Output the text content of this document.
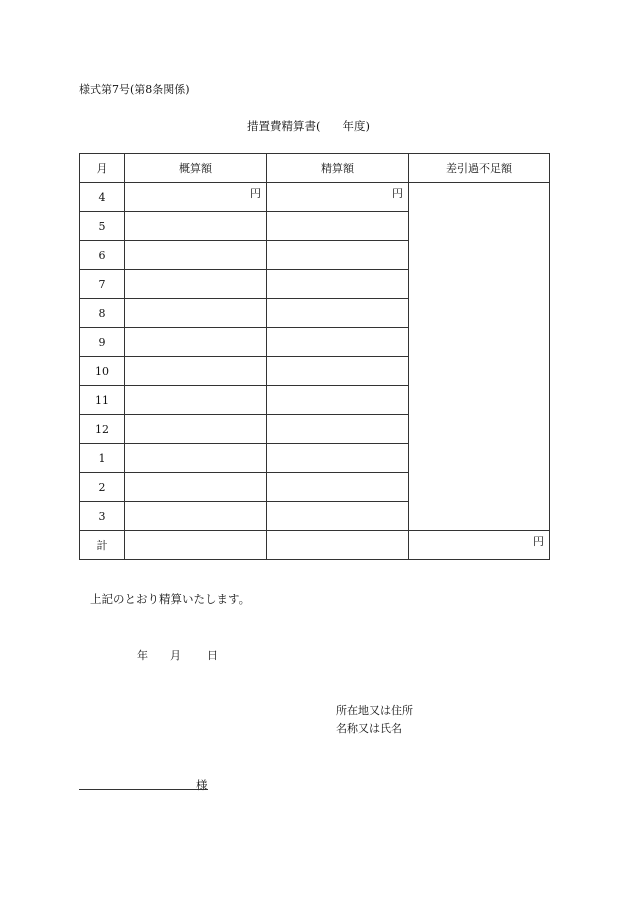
様式第7号(第8条関係)
措置費精算書( 年度)
月	概算額	精算額	差引過不足額
4	円	円	

5			
6			
7			
8			
9			
10			
11			
12			
1			
2			
3			
計			円
上記のとおり精算いたします。
年 月 日
所在地又は住所
名称又は氏名
様
